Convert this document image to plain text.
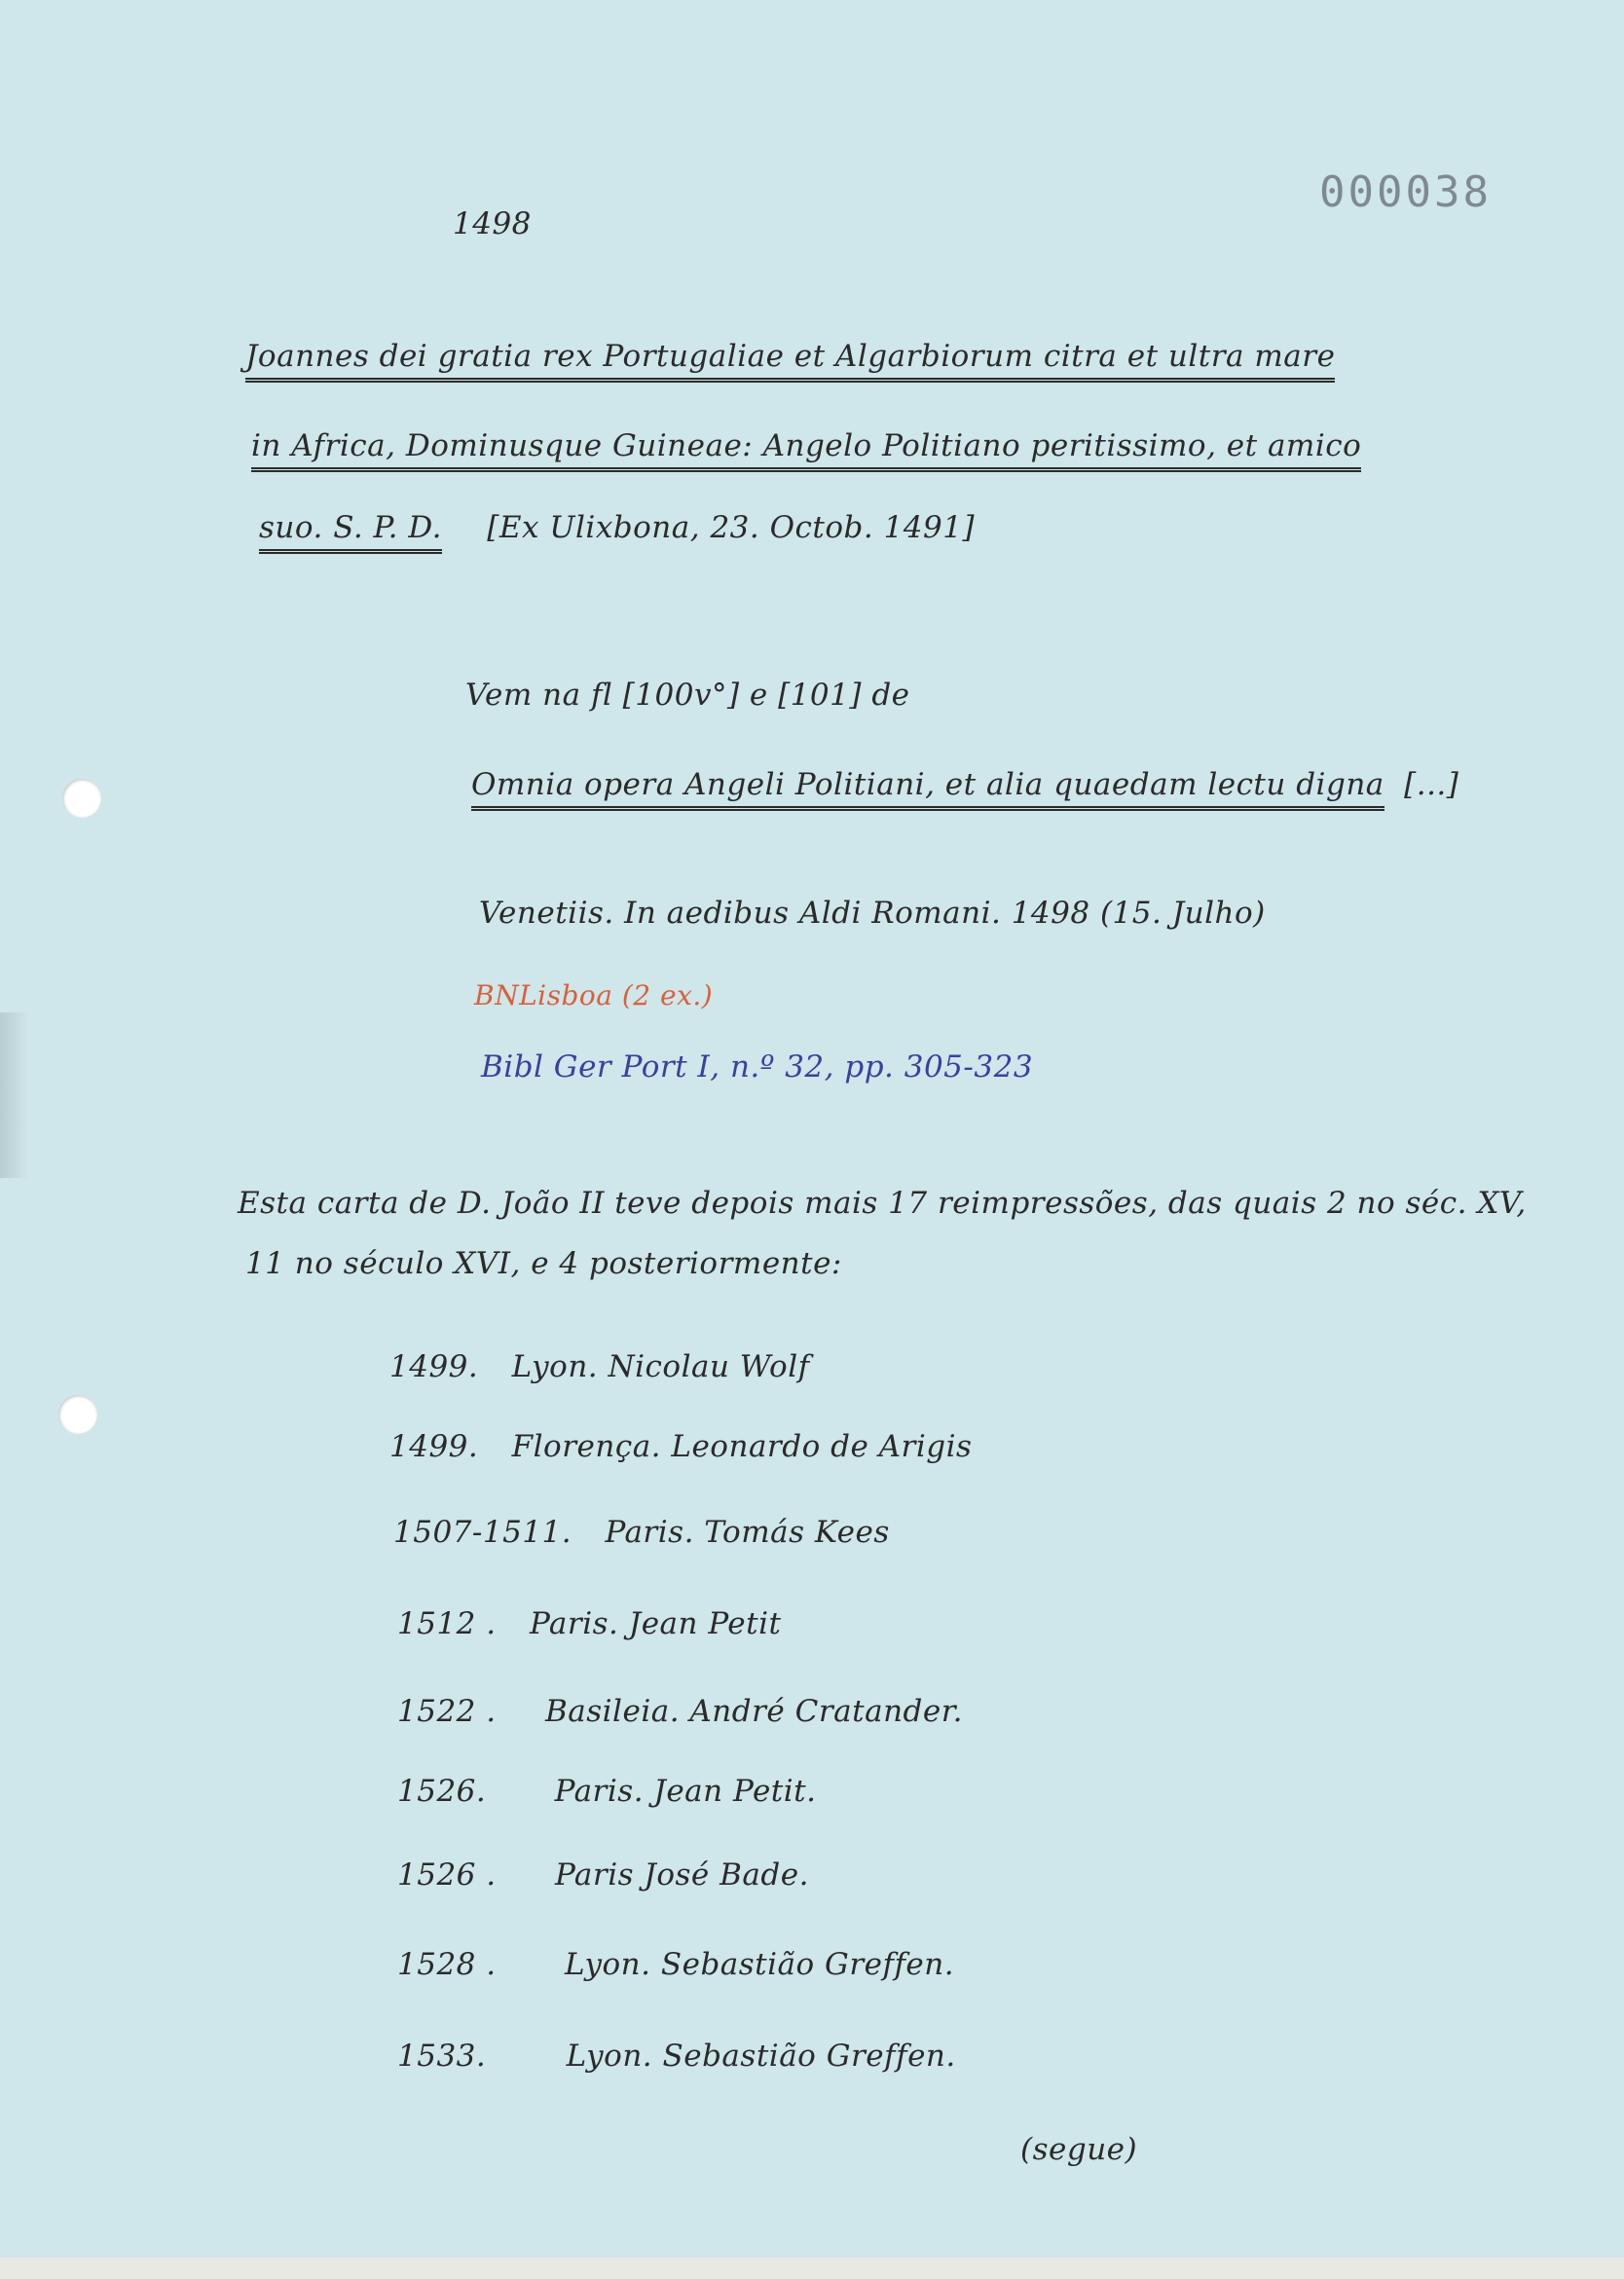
000038
1498
Joannes dei gratia rex Portugaliae et Algarbiorum citra et ultra mare
in Africa, Dominusque Guineae: Angelo Politiano peritissimo, et amico
suo. S. P. D. [Ex Ulixbona, 23. Octob. 1491]
Vem na fl [100v°] e [101] de
Omnia opera Angeli Politiani, et alia quaedam lectu digna [...]
Venetiis. In aedibus Aldi Romani. 1498 (15. Julho)
BNLisboa (2 ex.)
Bibl Ger Port I, n.º 32, pp. 305-323
Esta carta de D. João II teve depois mais 17 reimpressões, das quais 2 no séc. XV,
11 no século XVI, e 4 posteriormente:
1499. Lyon. Nicolau Wolf
1499. Florença. Leonardo de Arigis
1507-1511. Paris. Tomás Kees
1512 . Paris. Jean Petit
1522 . Basileia. André Cratander.
1526. Paris. Jean Petit.
1526 . Paris José Bade.
1528 . Lyon. Sebastião Greffen.
1533.	Lyon. Sebastião Greffen.
(segue)
